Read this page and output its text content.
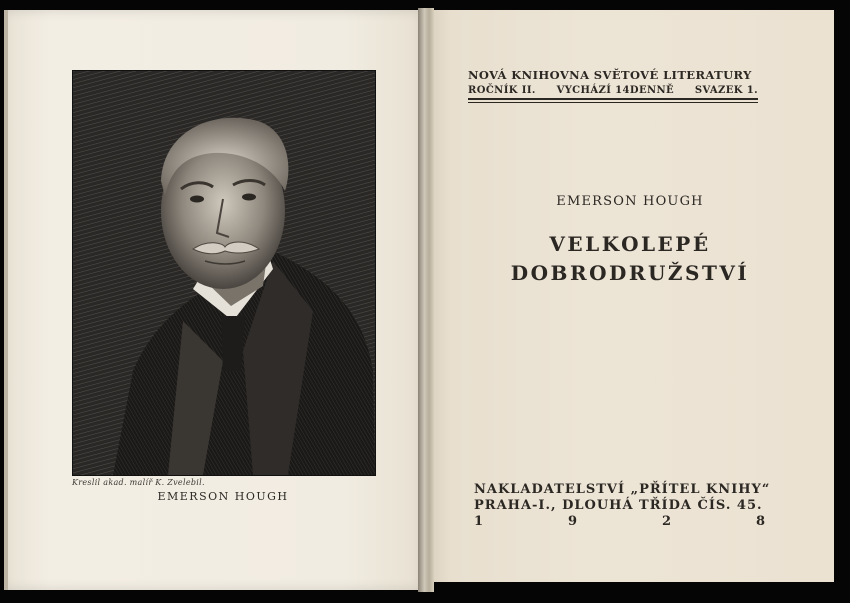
Kreslil akad. malíř K. Zvelebil.
EMERSON HOUGH
NOVÁ KNIHOVNA SVĚTOVÉ LITERATURY
ROČNÍK II. VYCHÁZÍ 14DENNĚ SVAZEK 1.
EMERSON HOUGH
VELKOLEPÉ
DOBRODRUŽSTVÍ
NAKLADATELSTVÍ „PŘÍTEL KNIHY“
PRAHA-I., DLOUHÁ TŘÍDA ČÍS. 45.
1	9	2	8
